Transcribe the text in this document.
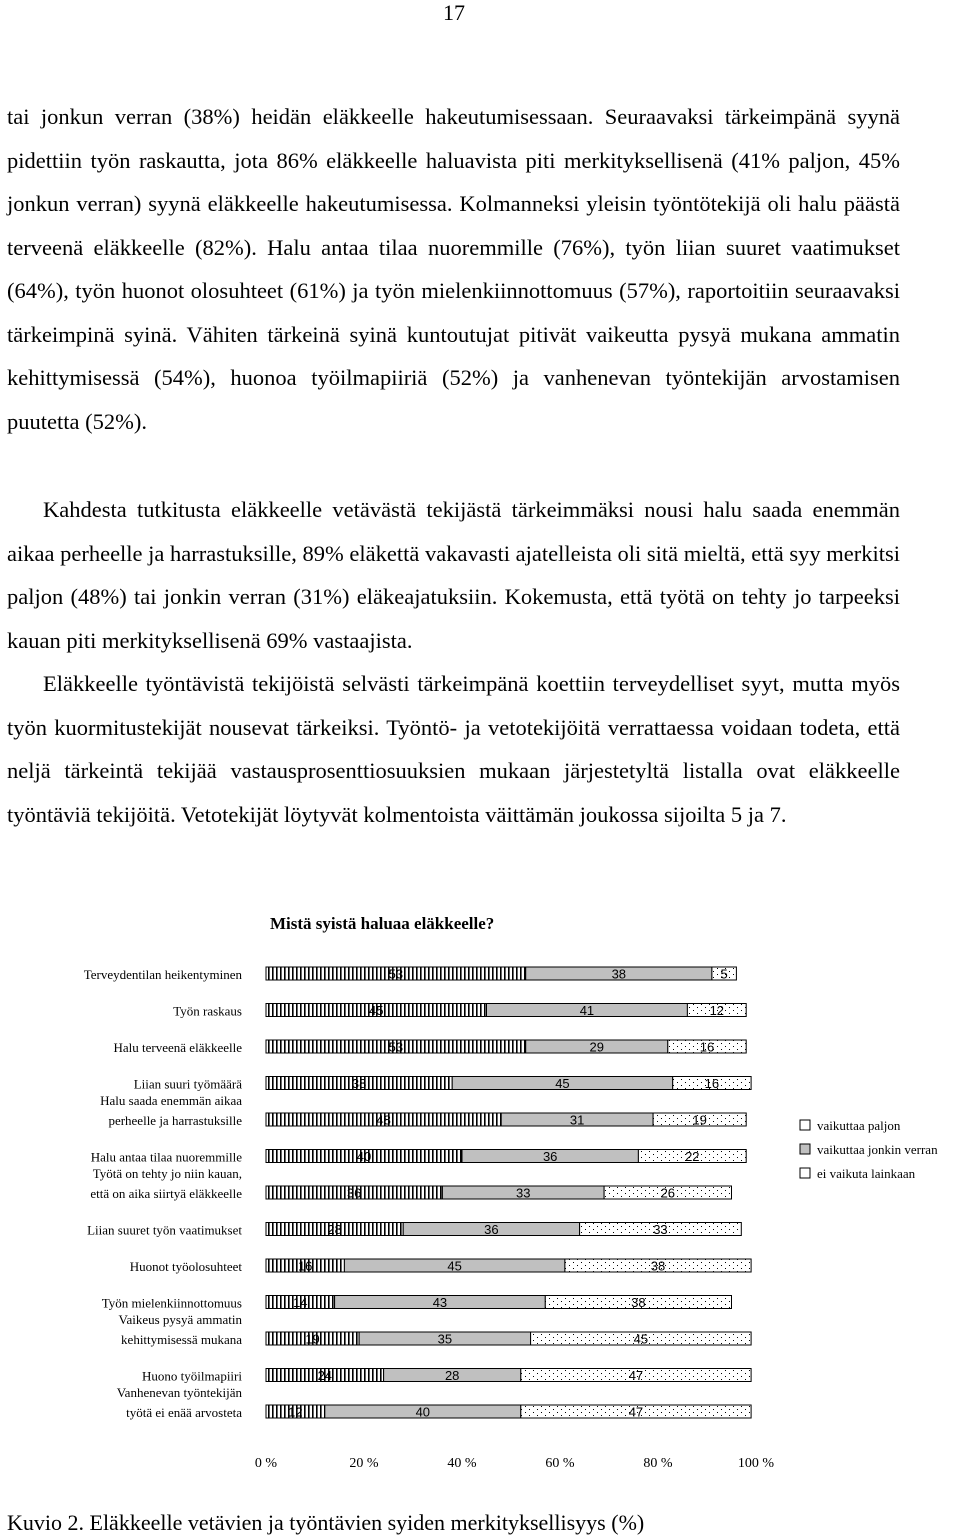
17

tai jonkun verran (38%) heidän eläkkeelle hakeutumisessaan. Seuraavaksi tärkeimpänä syynä pidettiin työn raskautta, jota 86% eläkkeelle haluavista piti merkityksellisenä (41% paljon, 45% jonkun verran) syynä eläkkeelle hakeutumisessa. Kolmanneksi yleisin työntötekijä oli halu päästä terveenä eläkkeelle (82%). Halu antaa tilaa nuoremmille (76%), työn liian suuret vaatimukset (64%), työn huonot olosuhteet (61%) ja työn mielenkiinnottomuus (57%), raportoitiin seuraavaksi tärkeimpinä syinä. Vähiten tärkeinä syinä kuntoutujat pitivät vaikeutta pysyä mukana ammatin kehittymisessä (54%), huonoa työilmapiiriä (52%) ja vanhenevan työntekijän arvostamisen puutetta (52%).

Kahdesta tutkitusta eläkkeelle vetävästä tekijästä tärkeimmäksi nousi halu saada enemmän aikaa perheelle ja harrastuksille, 89% eläkettä vakavasti ajatelleista oli sitä mieltä, että syy merkitsi paljon (48%) tai jonkin verran (31%) eläkeajatuksiin. Kokemusta, että työtä on tehty jo tarpeeksi kauan piti merkityksellisenä 69% vastaajista.

Eläkkeelle työntävistä tekijöistä selvästi tärkeimpänä koettiin terveydelliset syyt, mutta myös työn kuormitustekijät nousevat tärkeiksi. Työntö- ja vetotekijöitä verrattaessa voidaan todeta, että neljä tärkeintä tekijää vastausprosenttiosuuksien mukaan järjestetyltä listalla ovat eläkkeelle työntäviä tekijöitä. Vetotekijät löytyvät kolmentoista väittämän joukossa sijoilta 5 ja 7.

Mistä syistä haluaa eläkkeelle?
53	38	5
Terveydentilan heikentyminen
45	41	12
Työn raskaus
53	29	16
Halu terveenä eläkkeelle
38	45	16
Liian suuri työmäärä
48	31	19
Halu saada enemmän aikaa
perheelle ja harrastuksille
40	36	22
Halu antaa tilaa nuoremmille
36	33	26
Työtä on tehty jo niin kauan,
että on aika siirtyä eläkkeelle
28	36	33
Liian suuret työn vaatimukset
16	45	38
Huonot työolosuhteet
14	43	38
Työn mielenkiinnottomuus
19	35	45
Vaikeus pysyä ammatin
kehittymisessä mukana
24	28	47
Huono työilmapiiri
12	40	47
Vanhenevan työntekijän
työtä ei enää arvosteta
0 %	20 %	40 %	60 %	80 %	100 %
vaikuttaa paljon
vaikuttaa jonkin verran
ei vaikuta lainkaan
Kuvio 2. Eläkkeelle vetävien ja työntävien syiden merkityksellisyys (%)
